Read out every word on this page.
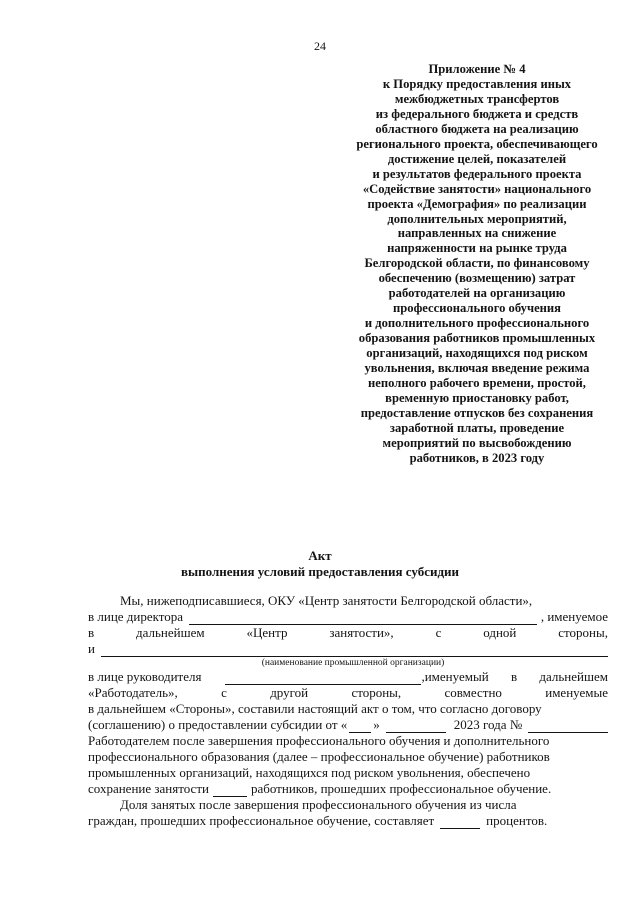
24
Приложение № 4
к Порядку предоставления иных
межбюджетных трансфертов
из федерального бюджета и средств
областного бюджета на реализацию
регионального проекта, обеспечивающего
достижение целей, показателей
и результатов федерального проекта
«Содействие занятости» национального
проекта «Демография» по реализации
дополнительных мероприятий,
направленных на снижение
напряженности на рынке труда
Белгородской области, по финансовому
обеспечению (возмещению) затрат
работодателей на организацию
профессионального обучения
и дополнительного профессионального
образования работников промышленных
организаций, находящихся под риском
увольнения, включая введение режима
неполного рабочего времени, простой,
временную приостановку работ,
предоставление отпусков без сохранения
заработной платы, проведение
мероприятий по высвобождению
работников, в 2023 году
Акт
выполнения условий предоставления субсидии
Мы, нижеподписавшиеся, ОКУ «Центр занятости Белгородской области»,
в лице директора	, именуемое
в	дальнейшем	«Центр	занятости»,	с	одной	стороны,
и
(наименование промышленной организации)
в лице руководителя	,именуемый в дальнейшем
«Работодатель»,	с	другой	стороны,	совместно	именуемые
в дальнейшем «Стороны», составили настоящий акт о том, что согласно договору
(соглашению) о предоставлении субсидии от « »	2023 года №
Работодателем после завершения профессионального обучения и дополнительного
профессионального образования (далее – профессиональное обучение) работников
промышленных организаций, находящихся под риском увольнения, обеспечено
сохранение занятости	работников, прошедших профессиональное обучение.
Доля занятых после завершения профессионального обучения из числа
граждан, прошедших профессиональное обучение, составляет	процентов.
